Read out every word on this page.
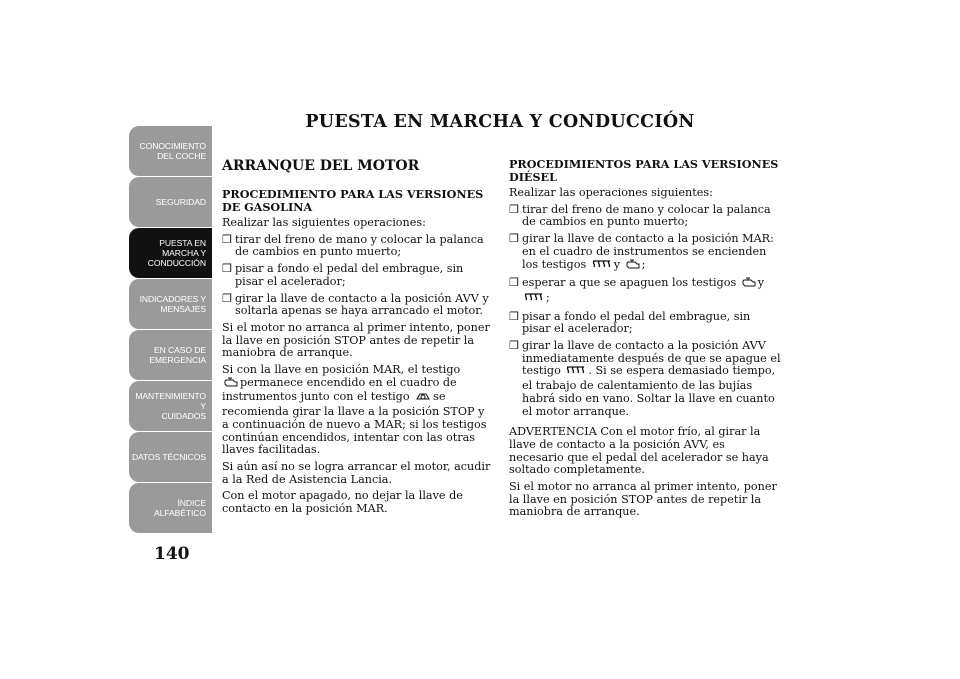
CONOCIMIENTO
DEL COCHE
SEGURIDAD
PUESTA EN
MARCHA Y
CONDUCCIÓN
INDICADORES Y
MENSAJES
EN CASO DE
EMERGENCIA
MANTENIMIENTO Y
CUIDADOS
DATOS TÉCNICOS
ÍNDICE
ALFABÉTICO
140
PUESTA EN MARCHA Y CONDUCCIÓN
ARRANQUE DEL MOTOR
PROCEDIMIENTO PARA LAS VERSIONES DE GASOLINA

Realizar las siguientes operaciones:

❒ tirar del freno de mano y colocar la palanca de cambios en punto muerto;
❒ pisar a fondo el pedal del embrague, sin pisar el acelerador;
❒ girar la llave de contacto a la posición AVV y soltarla apenas se haya arrancado el motor.

Si el motor no arranca al primer intento, poner la llave en posición STOP antes de repetir la maniobra de arranque.

Si con la llave en posición MAR, el testigo
permanece encendido en el cuadro de instrumentos junto con el testigo se recomienda girar la llave a la posición STOP y a continuación de nuevo a MAR; si los testigos continúan encendidos, intentar con las otras llaves facilitadas.

Si aún así no se logra arrancar el motor, acudir a la Red de Asistencia Lancia.

Con el motor apagado, no dejar la llave de contacto en la posición MAR.

PROCEDIMIENTOS PARA LAS VERSIONES DIÉSEL

Realizar las operaciones siguientes:

❒ tirar del freno de mano y colocar la palanca de cambios en punto muerto;
❒ girar la llave de contacto a la posición MAR: en el cuadro de instrumentos se encienden los testigos y ;
❒ esperar a que se apaguen los testigos y ;
❒ pisar a fondo el pedal del embrague, sin pisar el acelerador;
❒ girar la llave de contacto a la posición AVV inmediatamente después de que se apague el testigo . Si se espera demasiado tiempo, el trabajo de calentamiento de las bujías habrá sido en vano. Soltar la llave en cuanto el motor arranque.

ADVERTENCIA Con el motor frío, al girar la llave de contacto a la posición AVV, es necesario que el pedal del acelerador se haya soltado completamente.

Si el motor no arranca al primer intento, poner la llave en posición STOP antes de repetir la maniobra de arranque.
